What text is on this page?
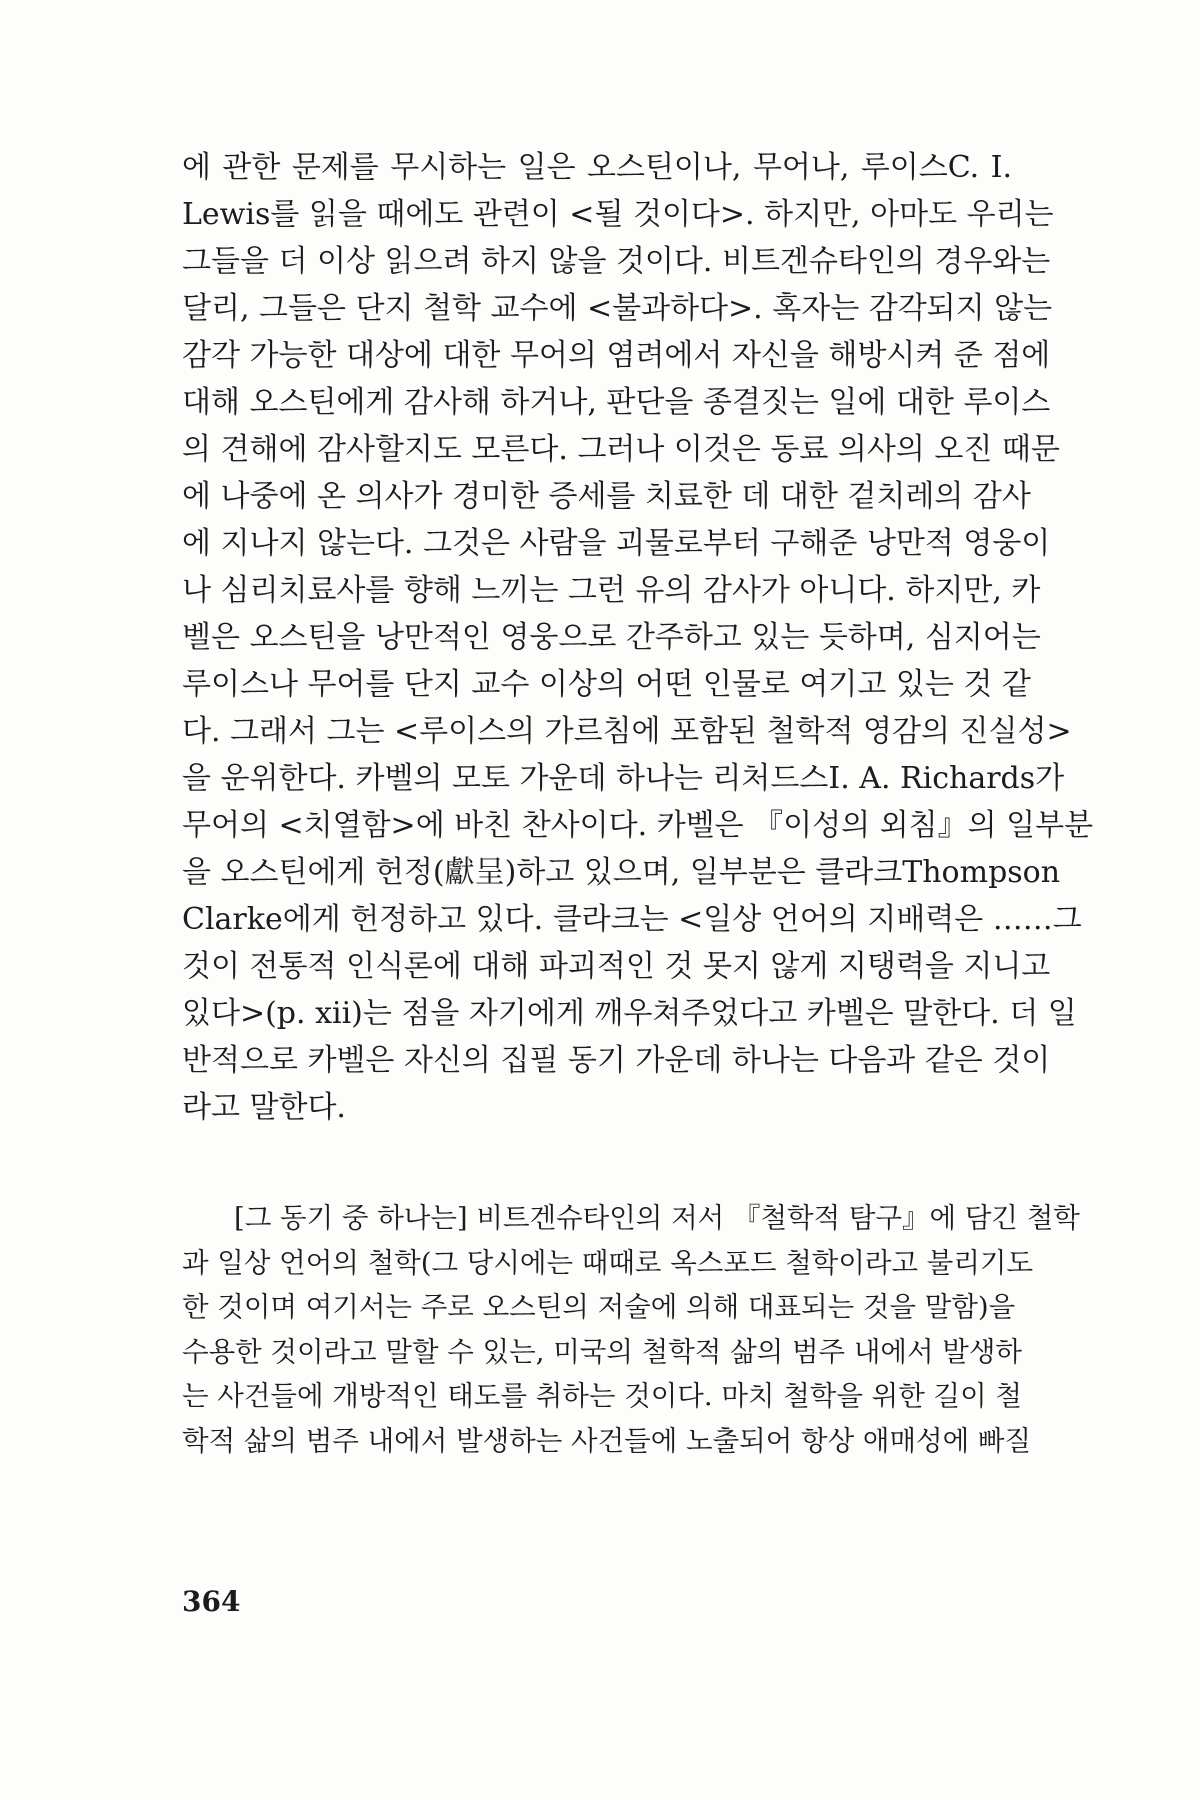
에 관한 문제를 무시하는 일은 오스틴이나, 무어나, 루이스C. I.
Lewis를 읽을 때에도 관련이 <될 것이다>. 하지만, 아마도 우리는
그들을 더 이상 읽으려 하지 않을 것이다. 비트겐슈타인의 경우와는
달리, 그들은 단지 철학 교수에 <불과하다>. 혹자는 감각되지 않는
감각 가능한 대상에 대한 무어의 염려에서 자신을 해방시켜 준 점에
대해 오스틴에게 감사해 하거나, 판단을 종결짓는 일에 대한 루이스
의 견해에 감사할지도 모른다. 그러나 이것은 동료 의사의 오진 때문
에 나중에 온 의사가 경미한 증세를 치료한 데 대한 겉치레의 감사
에 지나지 않는다. 그것은 사람을 괴물로부터 구해준 낭만적 영웅이
나 심리치료사를 향해 느끼는 그런 유의 감사가 아니다. 하지만, 카
벨은 오스틴을 낭만적인 영웅으로 간주하고 있는 듯하며, 심지어는
루이스나 무어를 단지 교수 이상의 어떤 인물로 여기고 있는 것 같
다. 그래서 그는 <루이스의 가르침에 포함된 철학적 영감의 진실성>
을 운위한다. 카벨의 모토 가운데 하나는 리처드스I. A. Richards가
무어의 <치열함>에 바친 찬사이다. 카벨은 『이성의 외침』의 일부분
을 오스틴에게 헌정(獻呈)하고 있으며, 일부분은 클라크Thompson
Clarke에게 헌정하고 있다. 클라크는 <일상 언어의 지배력은 ……그
것이 전통적 인식론에 대해 파괴적인 것 못지 않게 지탱력을 지니고
있다>(p. xii)는 점을 자기에게 깨우쳐주었다고 카벨은 말한다. 더 일
반적으로 카벨은 자신의 집필 동기 가운데 하나는 다음과 같은 것이
라고 말한다.
[그 동기 중 하나는] 비트겐슈타인의 저서 『철학적 탐구』에 담긴 철학
과 일상 언어의 철학(그 당시에는 때때로 옥스포드 철학이라고 불리기도
한 것이며 여기서는 주로 오스틴의 저술에 의해 대표되는 것을 말함)을
수용한 것이라고 말할 수 있는, 미국의 철학적 삶의 범주 내에서 발생하
는 사건들에 개방적인 태도를 취하는 것이다. 마치 철학을 위한 길이 철
학적 삶의 범주 내에서 발생하는 사건들에 노출되어 항상 애매성에 빠질
364
